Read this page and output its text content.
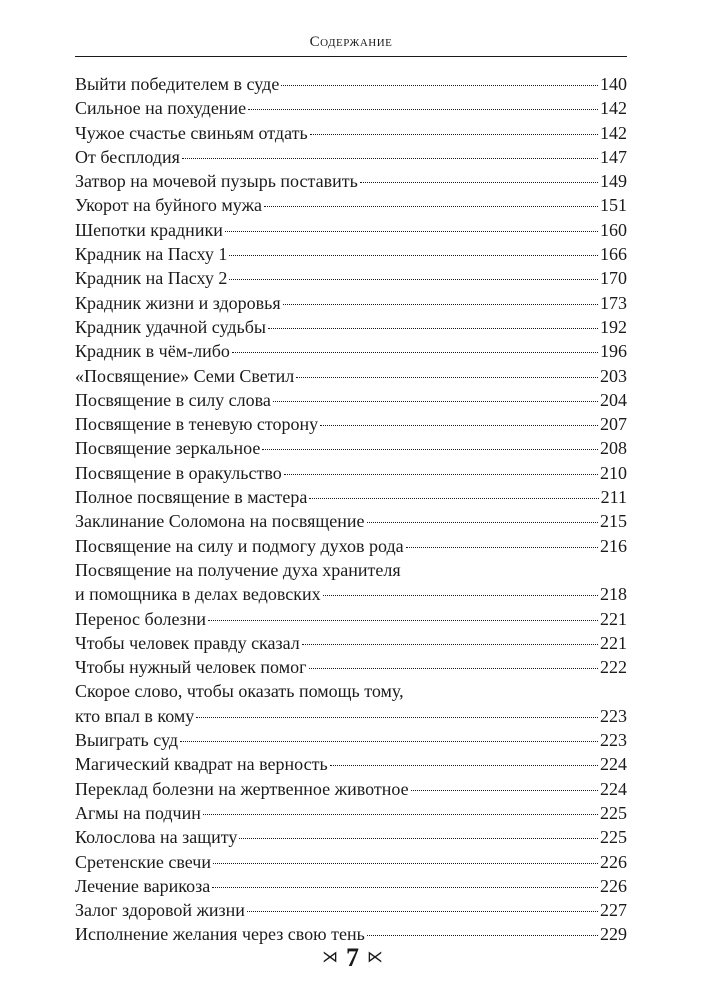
Содержание
Выйти победителем в суде	140
Сильное на похудение	142
Чужое счастье свиньям отдать	142
От бесплодия	147
Затвор на мочевой пузырь поставить	149
Укорот на буйного мужа	151
Шепотки крадники	160
Крадник на Пасху 1	166
Крадник на Пасху 2	170
Крадник жизни и здоровья	173
Крадник удачной судьбы	192
Крадник в чём-либо	196
«Посвящение» Семи Светил	203
Посвящение в силу слова	204
Посвящение в теневую сторону	207
Посвящение зеркальное	208
Посвящение в оракульство	210
Полное посвящение в мастера	211
Заклинание Соломона на посвящение	215
Посвящение на силу и подмогу духов рода	216
Посвящение на получение духа хранителя
и помощника в делах ведовских	218
Перенос болезни	221
Чтобы человек правду сказал	221
Чтобы нужный человек помог	222
Скорое слово, чтобы оказать помощь тому,
кто впал в кому	223
Выиграть суд	223
Магический квадрат на верность	224
Переклад болезни на жертвенное животное	224
Агмы на подчин	225
Колослова на защиту	225
Сретенские свечи	226
Лечение варикоза	226
Залог здоровой жизни	227
Исполнение желания через свою тень	229
⋊ 7 ⋉
